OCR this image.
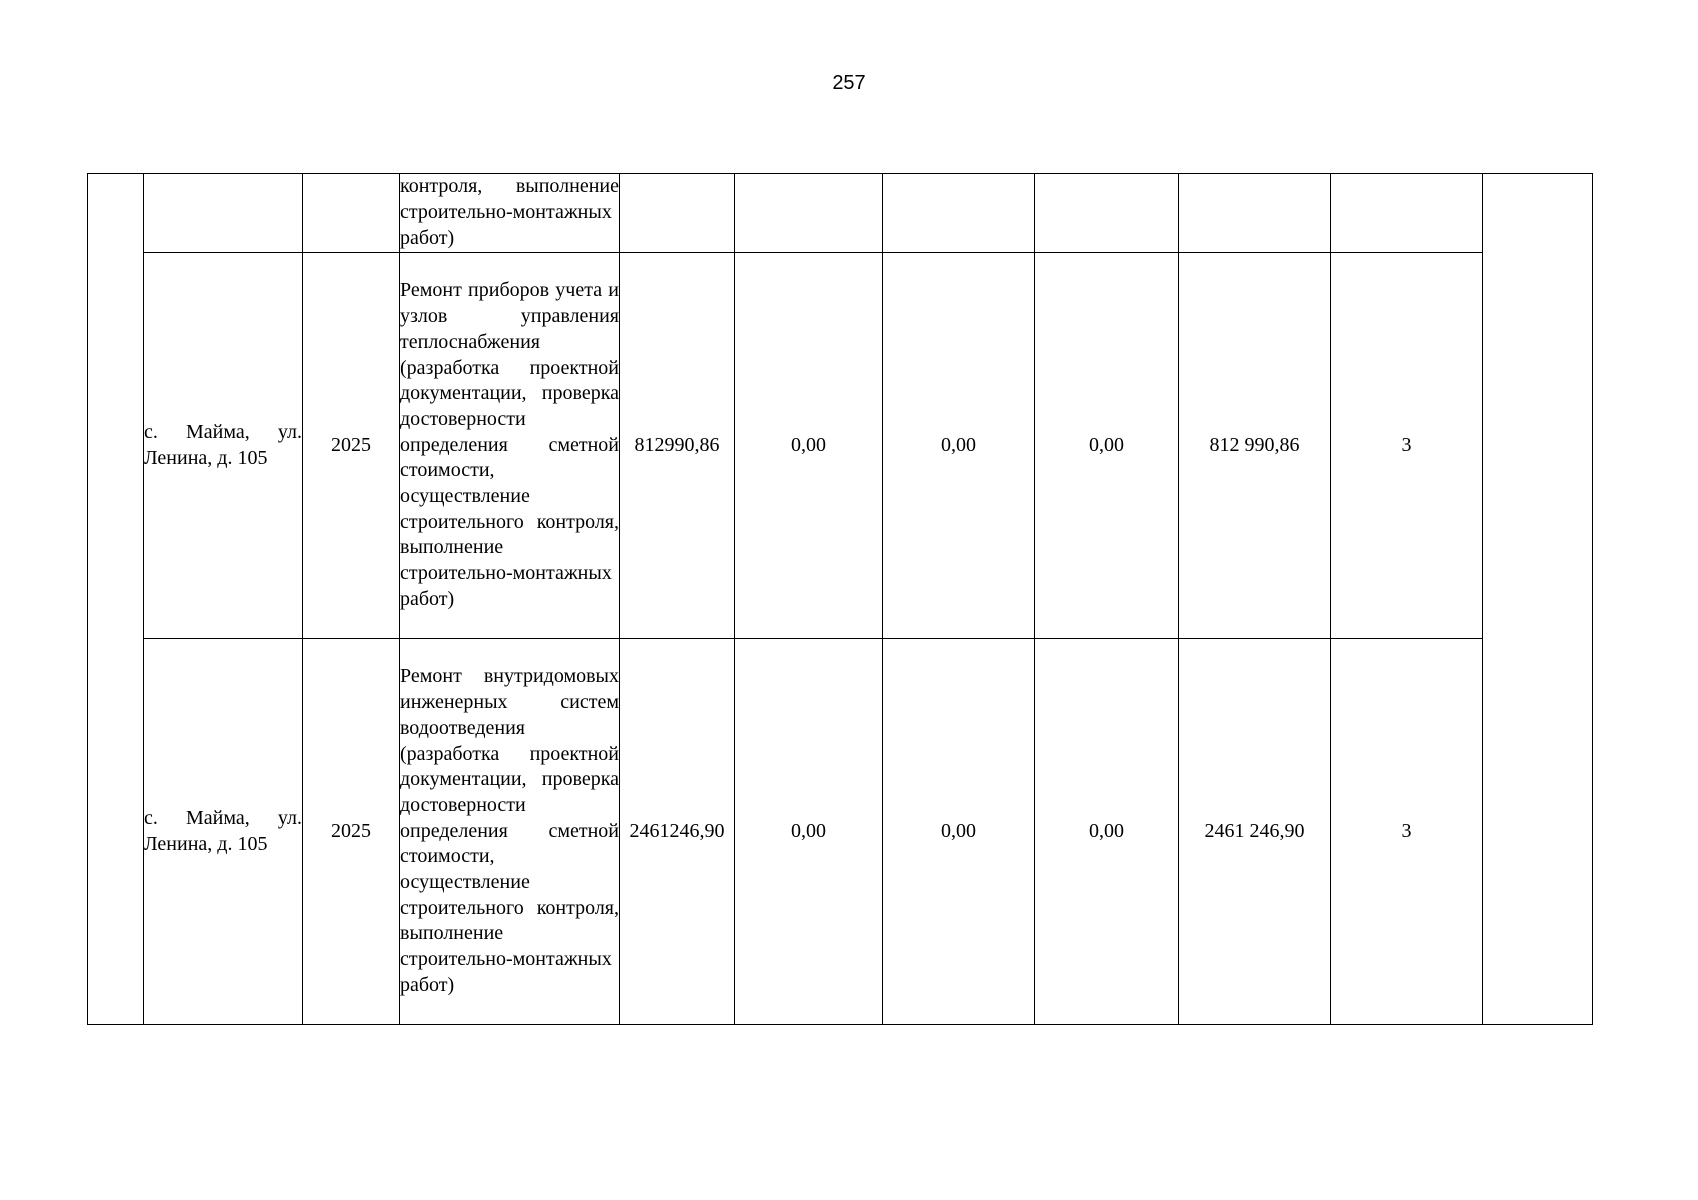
257
			контроля, выполнение строительно-монтажных работ)							
	с. Майма, ул. Ленина, д. 105	2025	Ремонт приборов учета и узлов управления теплоснабжения (разработка проектной документации, проверка достоверности определения сметной стоимости, осуществление строительного контроля, выполнение строительно-монтажных работ)	812990,86	0,00	0,00	0,00	812 990,86	3	
	с. Майма, ул. Ленина, д. 105	2025	Ремонт внутридомовых инженерных систем водоотведения (разработка проектной документации, проверка достоверности определения сметной стоимости, осуществление строительного контроля, выполнение строительно-монтажных работ)	2461246,90	0,00	0,00	0,00	2461 246,90	3	
